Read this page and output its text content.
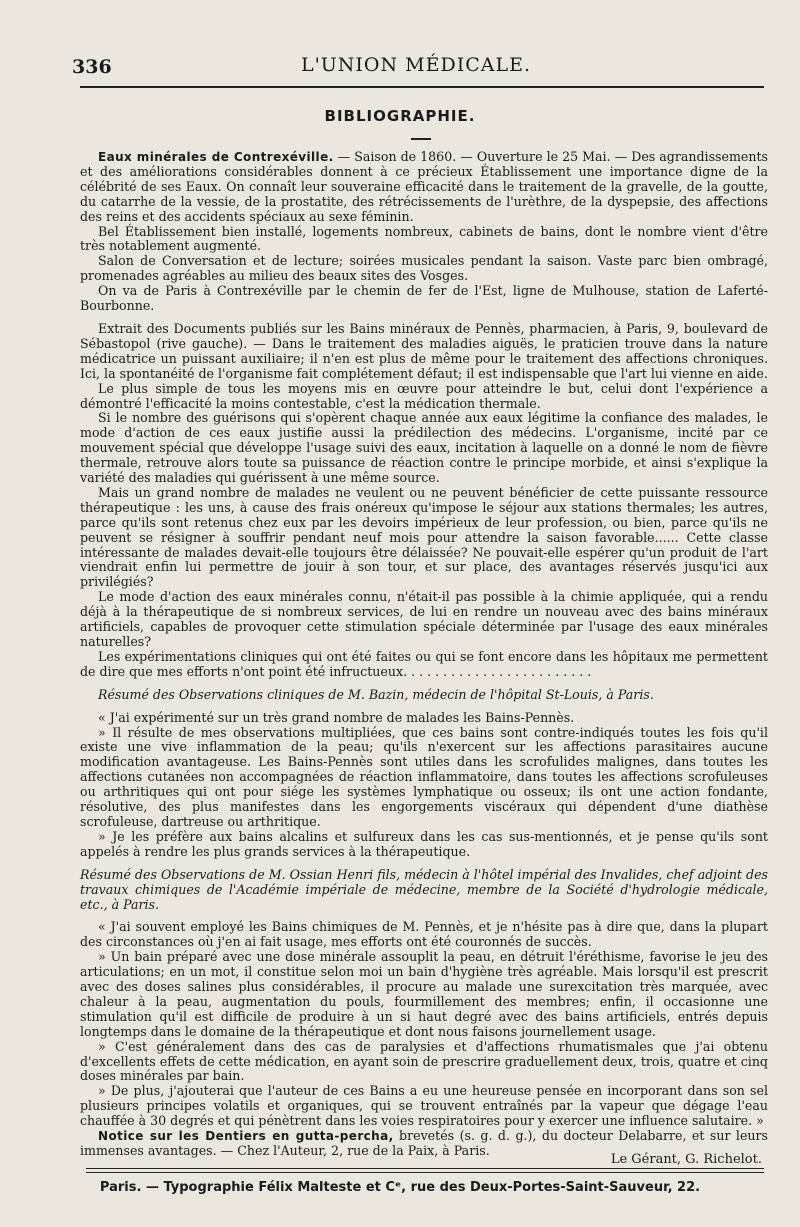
336	L'UNION MÉDICALE.
BIBLIOGRAPHIE.

Eaux minérales de Contrexéville. — Saison de 1860. — Ouverture le 25 Mai. — Des agrandissements et des améliorations considérables donnent à ce précieux Établissement une importance digne de la célébrité de ses Eaux. On connaît leur souveraine efficacité dans le traitement de la gravelle, de la goutte, du catarrhe de la vessie, de la prostatite, des rétrécissements de l'urèthre, de la dyspepsie, des affections des reins et des accidents spéciaux au sexe féminin.

Bel Établissement bien installé, logements nombreux, cabinets de bains, dont le nombre vient d'être très notablement augmenté.

Salon de Conversation et de lecture; soirées musicales pendant la saison. Vaste parc bien ombragé, promenades agréables au milieu des beaux sites des Vosges.

On va de Paris à Contrexéville par le chemin de fer de l'Est, ligne de Mulhouse, station de Laferté-Bourbonne.

Extrait des Documents publiés sur les Bains minéraux de Pennès, pharmacien, à Paris, 9, boulevard de Sébastopol (rive gauche). — Dans le traitement des maladies aiguës, le praticien trouve dans la nature médicatrice un puissant auxiliaire; il n'en est plus de même pour le traitement des affections chroniques. Ici, la spontanéité de l'organisme fait complétement défaut; il est indispensable que l'art lui vienne en aide.

Le plus simple de tous les moyens mis en œuvre pour atteindre le but, celui dont l'expérience a démontré l'efficacité la moins contestable, c'est la médication thermale.

Si le nombre des guérisons qui s'opèrent chaque année aux eaux légitime la confiance des malades, le mode d'action de ces eaux justifie aussi la prédilection des médecins. L'organisme, incité par ce mouvement spécial que développe l'usage suivi des eaux, incitation à laquelle on a donné le nom de fièvre thermale, retrouve alors toute sa puissance de réaction contre le principe morbide, et ainsi s'explique la variété des maladies qui guérissent à une même source.

Mais un grand nombre de malades ne veulent ou ne peuvent bénéficier de cette puissante ressource thérapeutique : les uns, à cause des frais onéreux qu'impose le séjour aux stations thermales; les autres, parce qu'ils sont retenus chez eux par les devoirs impérieux de leur profession, ou bien, parce qu'ils ne peuvent se résigner à souffrir pendant neuf mois pour attendre la saison favorable...... Cette classe intéressante de malades devait-elle toujours être délaissée? Ne pouvait-elle espérer qu'un produit de l'art viendrait enfin lui permettre de jouir à son tour, et sur place, des avantages réservés jusqu'ici aux privilégiés?

Le mode d'action des eaux minérales connu, n'était-il pas possible à la chimie appliquée, qui a rendu déjà à la thérapeutique de si nombreux services, de lui en rendre un nouveau avec des bains minéraux artificiels, capables de provoquer cette stimulation spéciale déterminée par l'usage des eaux minérales naturelles?

Les expérimentations cliniques qui ont été faites ou qui se font encore dans les hôpitaux me permettent de dire que mes efforts n'ont point été infructueux. . . . . . . . . . . . . . . . . . . . . . . .

Résumé des Observations cliniques de M. Bazin, médecin de l'hôpital St-Louis, à Paris.

« J'ai expérimenté sur un très grand nombre de malades les Bains-Pennès.

» Il résulte de mes observations multipliées, que ces bains sont contre-indiqués toutes les fois qu'il existe une vive inflammation de la peau; qu'ils n'exercent sur les affections parasitaires aucune modification avantageuse. Les Bains-Pennès sont utiles dans les scrofulides malignes, dans toutes les affections cutanées non accompagnées de réaction inflammatoire, dans toutes les affections scrofuleuses ou arthritiques qui ont pour siége les systèmes lymphatique ou osseux; ils ont une action fondante, résolutive, des plus manifestes dans les engorgements viscéraux qui dépendent d'une diathèse scrofuleuse, dartreuse ou arthritique.

» Je les préfère aux bains alcalins et sulfureux dans les cas sus-mentionnés, et je pense qu'ils sont appelés à rendre les plus grands services à la thérapeutique.

Résumé des Observations de M. Ossian Henri fils, médecin à l'hôtel impérial des Invalides, chef adjoint des travaux chimiques de l'Académie impériale de médecine, membre de la Société d'hydrologie médicale, etc., à Paris.

« J'ai souvent employé les Bains chimiques de M. Pennès, et je n'hésite pas à dire que, dans la plupart des circonstances où j'en ai fait usage, mes efforts ont été couronnés de succès.

» Un bain préparé avec une dose minérale assouplit la peau, en détruit l'éréthisme, favorise le jeu des articulations; en un mot, il constitue selon moi un bain d'hygiène très agréable. Mais lorsqu'il est prescrit avec des doses salines plus considérables, il procure au malade une surexcitation très marquée, avec chaleur à la peau, augmentation du pouls, fourmillement des membres; enfin, il occasionne une stimulation qu'il est difficile de produire à un si haut degré avec des bains artificiels, entrés depuis longtemps dans le domaine de la thérapeutique et dont nous faisons journellement usage.

» C'est généralement dans des cas de paralysies et d'affections rhumatismales que j'ai obtenu d'excellents effets de cette médication, en ayant soin de prescrire graduellement deux, trois, quatre et cinq doses minérales par bain.

» De plus, j'ajouterai que l'auteur de ces Bains a eu une heureuse pensée en incorporant dans son sel plusieurs principes volatils et organiques, qui se trouvent entraînés par la vapeur que dégage l'eau chauffée à 30 degrés et qui pénètrent dans les voies respiratoires pour y exercer une influence salutaire. »

Notice sur les Dentiers en gutta-percha, brevetés (s. g. d. g.), du docteur Delabarre, et sur leurs immenses avantages. — Chez l'Auteur, 2, rue de la Paix, à Paris.

Le Gérant, G. Richelot.
Paris. — Typographie Félix Malteste et Cᵉ, rue des Deux-Portes-Saint-Sauveur, 22.
